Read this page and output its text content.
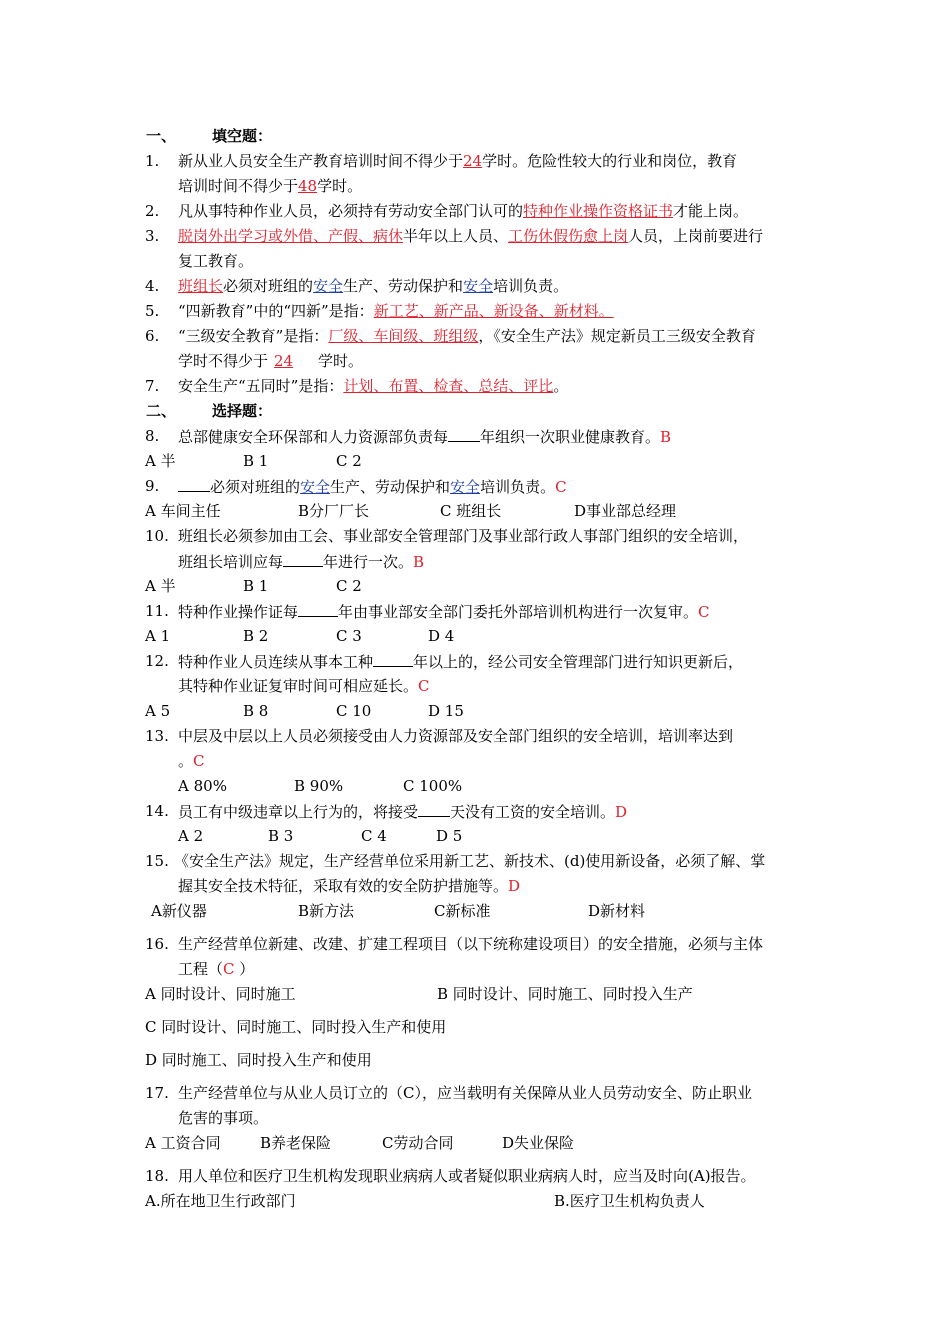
一、 填空题：
1. 新从业人员安全生产教育培训时间不得少于24学时。危险性较大的行业和岗位，教育
培训时间不得少于48学时。
2. 凡从事特种作业人员，必须持有劳动安全部门认可的特种作业操作资格证书才能上岗。
3. 脱岗外出学习或外借、产假、病休半年以上人员、工伤休假伤愈上岗人员，上岗前要进行
复工教育。
4. 班组长必须对班组的安全生产、劳动保护和安全培训负责。
5. “四新教育”中的“四新”是指：新工艺、新产品、新设备、新材料。
6. “三级安全教育”是指：厂级、车间级、班组级，《安全生产法》规定新员工三级安全教育
学时不得少于 24 学时。
7. 安全生产“五同时”是指：计划、布置、检查、总结、评比。
二、 选择题：
8. 总部健康安全环保部和人力资源部负责每 年组织一次职业健康教育。B
A 半	B 1	C 2
9.	必须对班组的安全生产、劳动保护和安全培训负责。C
A 车间主任	B分厂厂长	C 班组长	D事业部总经理
10. 班组长必须参加由工会、事业部安全管理部门及事业部行政人事部门组织的安全培训，
班组长培训应每	年进行一次。B
A 半	B 1	C 2
11. 特种作业操作证每	年由事业部安全部门委托外部培训机构进行一次复审。C
A 1	B 2	C 3	D 4
12. 特种作业人员连续从事本工种	年以上的，经公司安全管理部门进行知识更新后，
其特种作业证复审时间可相应延长。C
A 5	B 8	C 10	D 15
13. 中层及中层以上人员必须接受由人力资源部及安全部门组织的安全培训，培训率达到
。C
A 80%	B 90%	C 100%
14. 员工有中级违章以上行为的，将接受 天没有工资的安全培训。D
A 2	B 3	C 4	D 5
15. 《安全生产法》规定，生产经营单位采用新工艺、新技术、(d)使用新设备，必须了解、掌
握其安全技术特征，采取有效的安全防护措施等。D
A新仪器	B新方法	C新标准	D新材料
16. 生产经营单位新建、改建、扩建工程项目（以下统称建设项目）的安全措施，必须与主体
工程（C ）
A 同时设计、同时施工	B 同时设计、同时施工、同时投入生产
C 同时设计、同时施工、同时投入生产和使用
D 同时施工、同时投入生产和使用
17. 生产经营单位与从业人员订立的（C），应当载明有关保障从业人员劳动安全、防止职业
危害的事项。
A 工资合同	B养老保险	C劳动合同	D失业保险
18. 用人单位和医疗卫生机构发现职业病病人或者疑似职业病病人时，应当及时向(A)报告。
A.所在地卫生行政部门	B.医疗卫生机构负责人
